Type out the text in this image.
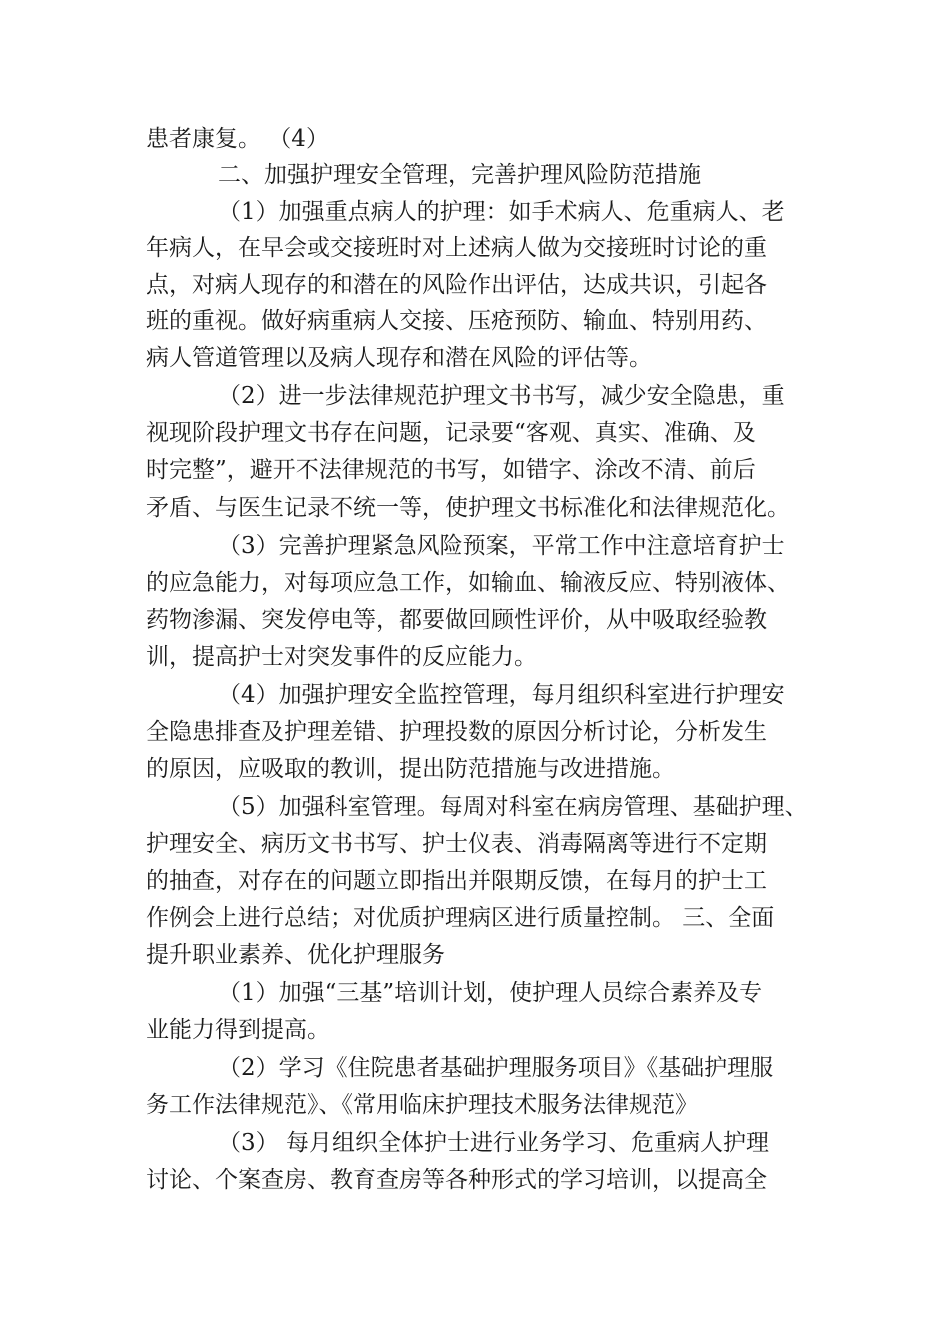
患者康复。 （4）

二、加强护理安全管理，完善护理风险防范措施

（1）加强重点病人的护理：如手术病人、危重病人、老

年病人，在早会或交接班时对上述病人做为交接班时讨论的重

点，对病人现存的和潜在的风险作出评估，达成共识，引起各

班的重视。做好病重病人交接、压疮预防、输血、特别用药、

病人管道管理以及病人现存和潜在风险的评估等。

（2）进一步法律规范护理文书书写，减少安全隐患，重

视现阶段护理文书存在问题，记录要“客观、真实、准确、及

时完整”，避开不法律规范的书写，如错字、涂改不清、前后

矛盾、与医生记录不统一等，使护理文书标准化和法律规范化。

（3）完善护理紧急风险预案，平常工作中注意培育护士

的应急能力，对每项应急工作，如输血、输液反应、特别液体、

药物渗漏、突发停电等，都要做回顾性评价，从中吸取经验教

训，提高护士对突发事件的反应能力。

（4）加强护理安全监控管理，每月组织科室进行护理安

全隐患排查及护理差错、护理投数的原因分析讨论，分析发生

的原因，应吸取的教训，提出防范措施与改进措施。

（5）加强科室管理。每周对科室在病房管理、基础护理、

护理安全、病历文书书写、护士仪表、消毒隔离等进行不定期

的抽查，对存在的问题立即指出并限期反馈，在每月的护士工

作例会上进行总结；对优质护理病区进行质量控制。 三、全面

提升职业素养、优化护理服务

（1）加强“三基”培训计划，使护理人员综合素养及专

业能力得到提高。

（2）学习《住院患者基础护理服务项目》《基础护理服

务工作法律规范》、《常用临床护理技术服务法律规范》

（3） 每月组织全体护士进行业务学习、危重病人护理

讨论、个案查房、教育查房等各种形式的学习培训，以提高全
